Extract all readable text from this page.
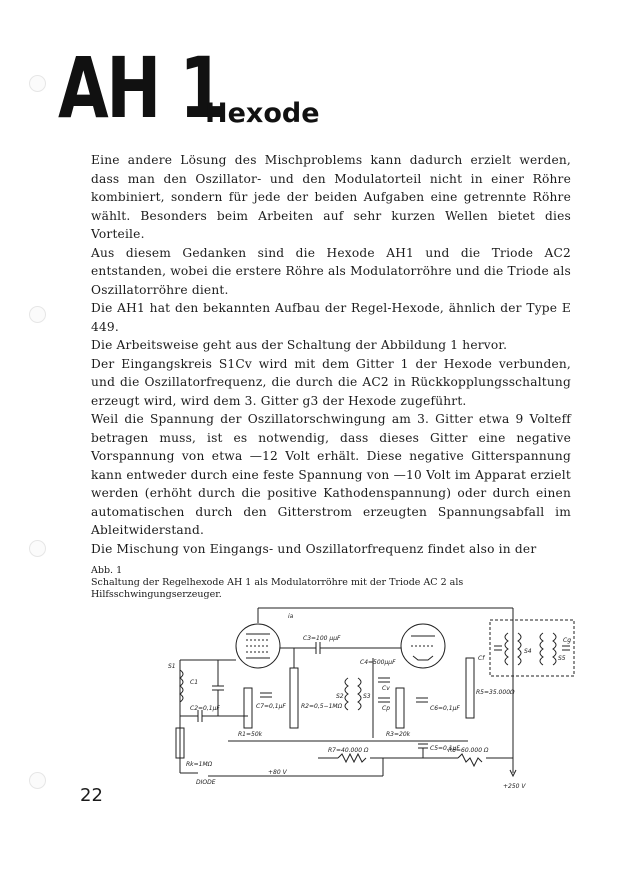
AH 1
Hexode

Eine andere Lösung des Mischproblems kann dadurch erzielt werden, dass man den Oszillator- und den Modulatorteil nicht in einer Röhre kombiniert, sondern für jede der beiden Aufgaben eine getrennte Röhre wählt. Besonders beim Arbeiten auf sehr kurzen Wellen bietet dies Vorteile.

Aus diesem Gedanken sind die Hexode AH1 und die Triode AC2 entstanden, wobei die erstere Röhre als Modulatorröhre und die Triode als Oszillatorröhre dient.

Die AH1 hat den bekannten Aufbau der Regel-Hexode, ähnlich der Type E 449.

Die Arbeitsweise geht aus der Schaltung der Abbildung 1 hervor.

Der Eingangskreis S1Cv wird mit dem Gitter 1 der Hexode verbunden, und die Oszillatorfrequenz, die durch die AC2 in Rückkopplungsschaltung erzeugt wird, wird dem 3. Gitter g3 der Hexode zugeführt.

Weil die Spannung der Oszillatorschwingung am 3. Gitter etwa 9 Volteff betragen muss, ist es notwendig, dass dieses Gitter eine negative Vorspannung von etwa —12 Volt erhält. Diese negative Gitterspannung kann entweder durch eine feste Spannung von —10 Volt im Apparat erzielt werden (erhöht durch die positive Kathodenspannung) oder durch einen automatischen durch den Gitterstrom erzeugten Spannungsabfall im Ableitwiderstand.

Die Mischung von Eingangs- und Oszillatorfrequenz findet also in der

Abb. 1

Schaltung der Regelhexode AH 1 als Modulatorröhre mit der Triode AC 2 als Hilfsschwingungserzeuger.

ia
C3=100 μμF
C4=500μμF
Cv
Cp
S2	S3
C1
S1
C2=0,1μF
R1=50k
C7=0,1μF	R2=0,5−1MΩ
R3=20k
C6=0,1μF
R5=35.000Ω
C5=0,1μF
R7=40.000 Ω	R6=60.000 Ω
Rk=1MΩ
DIODE
+80 V
+250 V
Cf
S4
S5
Cg
22
